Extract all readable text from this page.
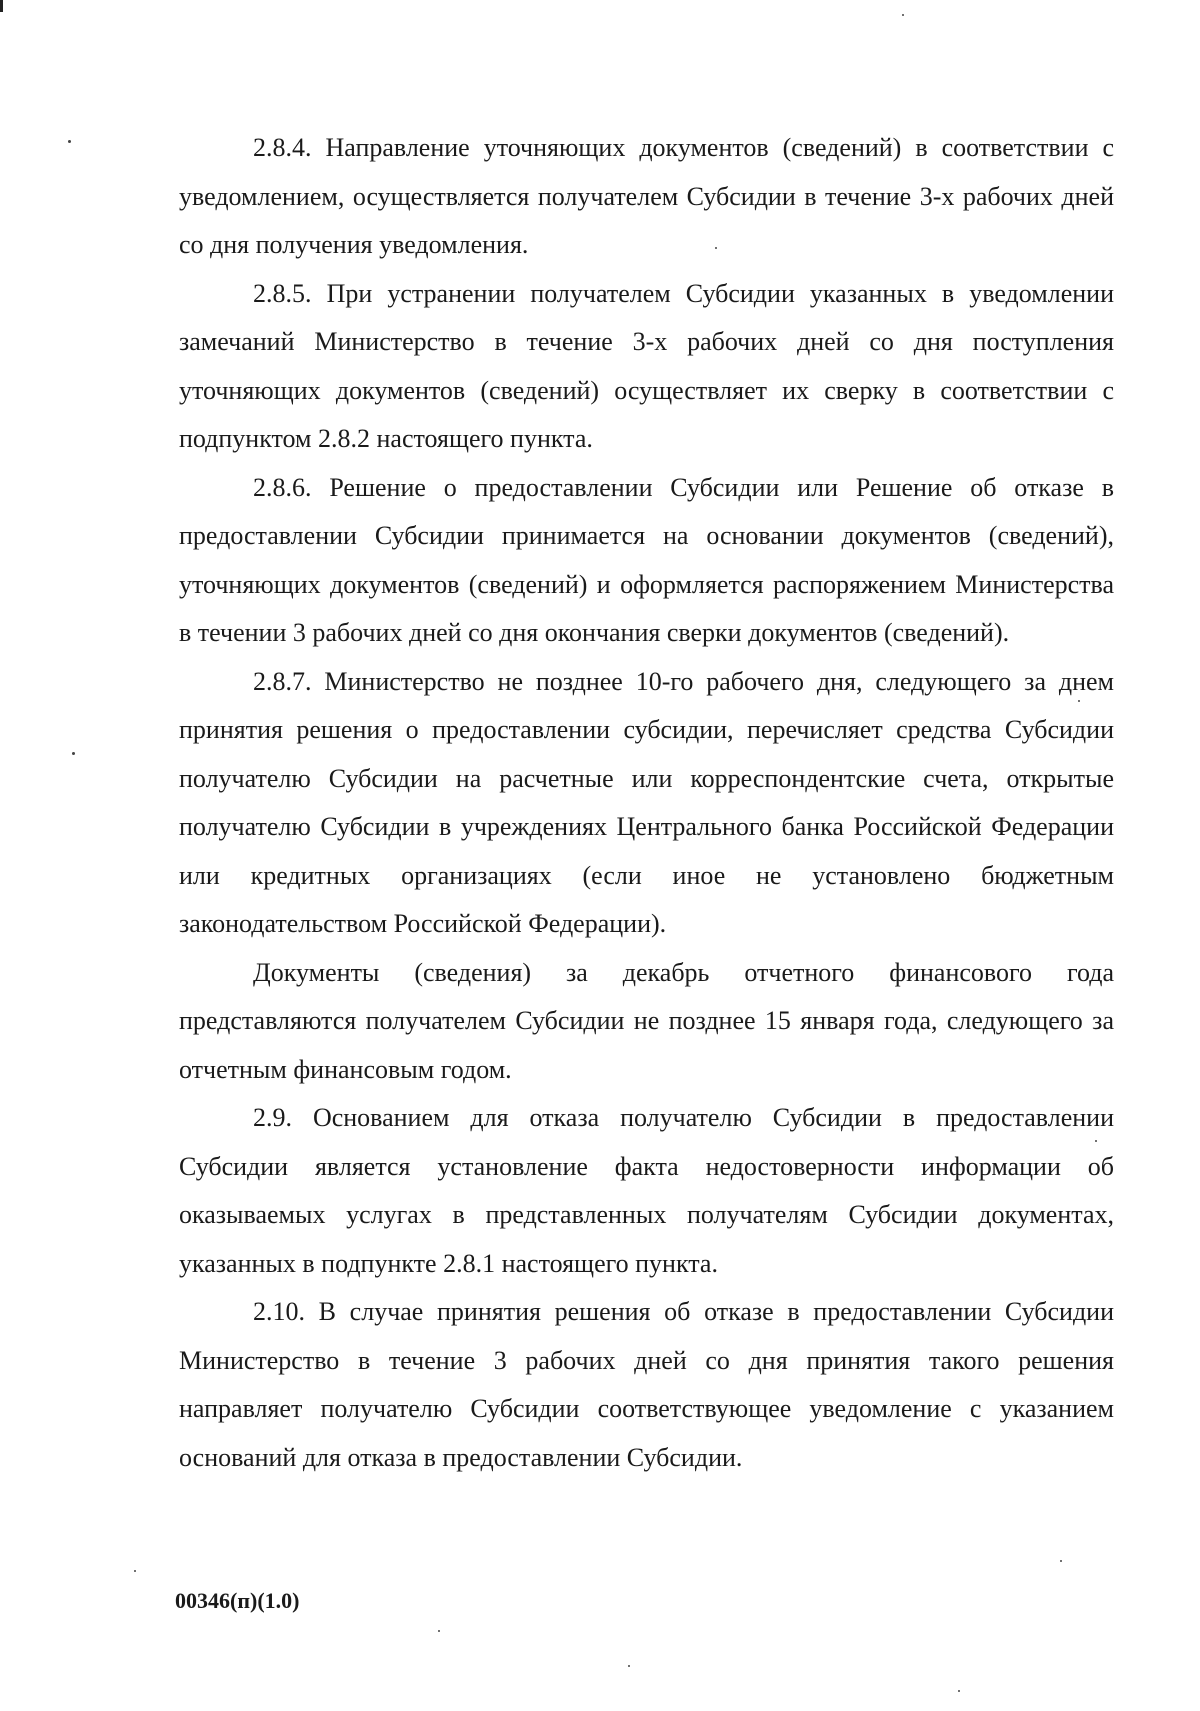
2.8.4. Направление уточняющих документов (сведений) в соответствии с уведомлением, осуществляется получателем Субсидии в течение 3-х рабочих дней со дня получения уведомления.

2.8.5. При устранении получателем Субсидии указанных в уведомлении замечаний Министерство в течение 3-х рабочих дней со дня поступления уточняющих документов (сведений) осуществляет их сверку в соответствии с подпунктом 2.8.2 настоящего пункта.

2.8.6. Решение о предоставлении Субсидии или Решение об отказе в предоставлении Субсидии принимается на основании документов (сведений), уточняющих документов (сведений) и оформляется распоряжением Министерства в течении 3 рабочих дней со дня окончания сверки документов (сведений).

2.8.7. Министерство не позднее 10-го рабочего дня, следующего за днем принятия решения о предоставлении субсидии, перечисляет средства Субсидии получателю Субсидии на расчетные или корреспондентские счета, открытые получателю Субсидии в учреждениях Центрального банка Российской Федерации или кредитных организациях (если иное не установлено бюджетным законодательством Российской Федерации).

Документы (сведения) за декабрь отчетного финансового года представляются получателем Субсидии не позднее 15 января года, следующего за отчетным финансовым годом.

2.9. Основанием для отказа получателю Субсидии в предоставлении Субсидии является установление факта недостоверности информации об оказываемых услугах в представленных получателям Субсидии документах, указанных в подпункте 2.8.1 настоящего пункта.

2.10. В случае принятия решения об отказе в предоставлении Субсидии Министерство в течение 3 рабочих дней со дня принятия такого решения направляет получателю Субсидии соответствующее уведомление с указанием оснований для отказа в предоставлении Субсидии.

00346(п)(1.0)
